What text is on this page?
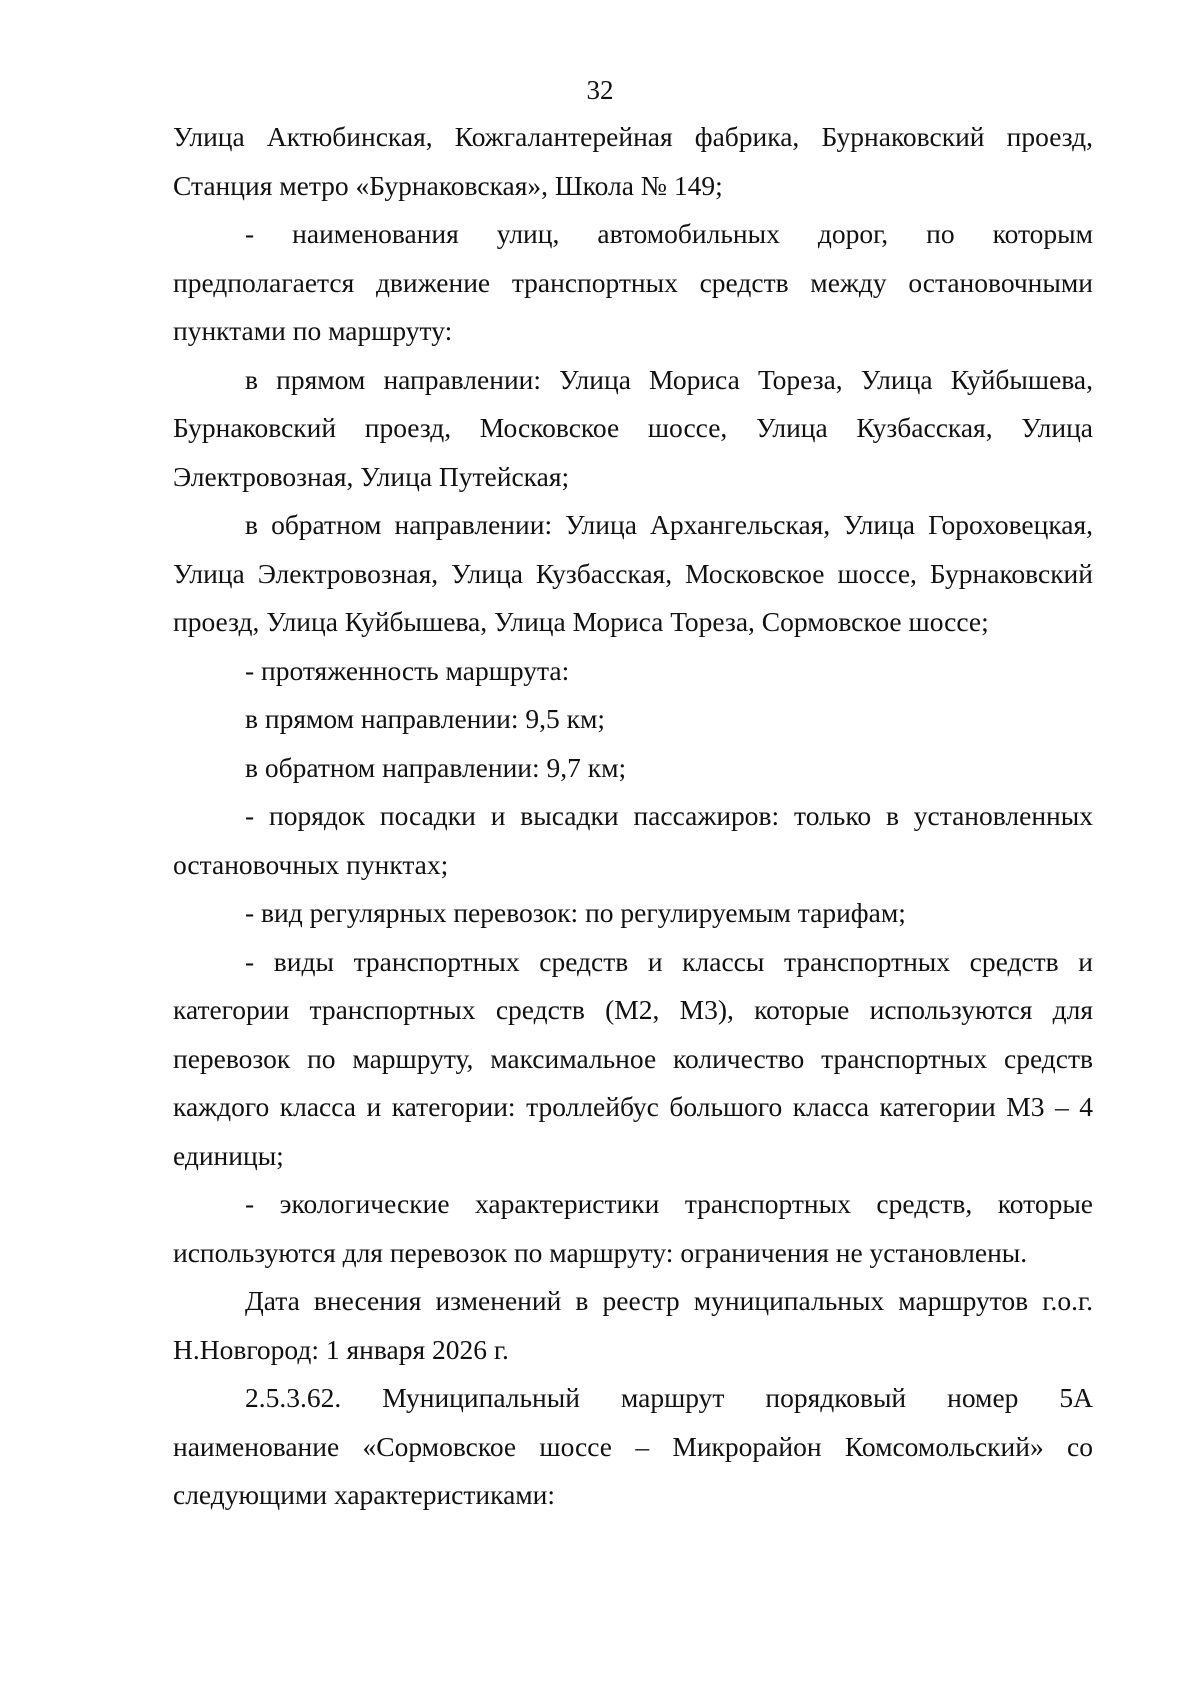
32

Улица Актюбинская, Кожгалантерейная фабрика, Бурнаковский проезд, Станция метро «Бурнаковская», Школа № 149;

- наименования улиц, автомобильных дорог, по которым предполагается движение транспортных средств между остановочными пунктами по маршруту:

в прямом направлении: Улица Мориса Тореза, Улица Куйбышева, Бурнаковский проезд, Московское шоссе, Улица Кузбасская, Улица Электровозная, Улица Путейская;

в обратном направлении: Улица Архангельская, Улица Гороховецкая, Улица Электровозная, Улица Кузбасская, Московское шоссе, Бурнаковский проезд, Улица Куйбышева, Улица Мориса Тореза, Сормовское шоссе;

- протяженность маршрута:

в прямом направлении: 9,5 км;

в обратном направлении: 9,7 км;

- порядок посадки и высадки пассажиров: только в установленных остановочных пунктах;

- вид регулярных перевозок: по регулируемым тарифам;

- виды транспортных средств и классы транспортных средств и категории транспортных средств (М2, М3), которые используются для перевозок по маршруту, максимальное количество транспортных средств каждого класса и категории: троллейбус большого класса категории М3 – 4 единицы;

- экологические характеристики транспортных средств, которые используются для перевозок по маршруту: ограничения не установлены.

Дата внесения изменений в реестр муниципальных маршрутов г.о.г. Н.Новгород: 1 января 2026 г.

2.5.3.62. Муниципальный маршрут порядковый номер 5А наименование «Сормовское шоссе – Микрорайон Комсомольский» со следующими характеристиками:
